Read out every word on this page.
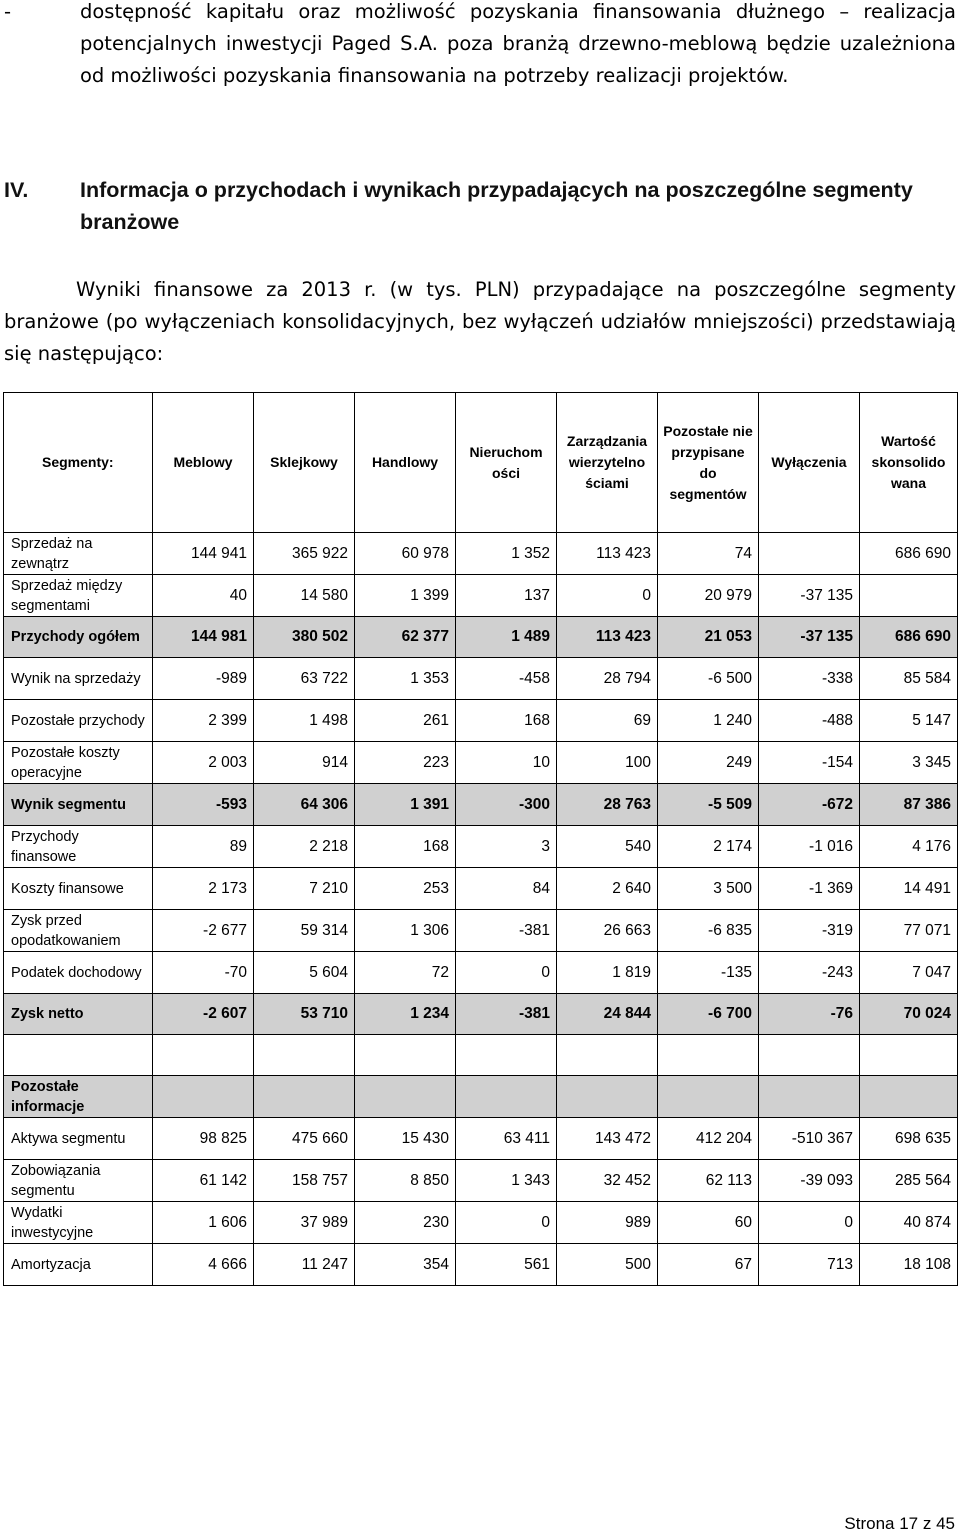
-	dostępność kapitału oraz możliwość pozyskania finansowania dłużnego – realizacja potencjalnych inwestycji Paged S.A. poza branżą drzewno-meblową będzie uzależniona od możliwości pozyskania finansowania na potrzeby realizacji projektów.
IV. Informacja o przychodach i wynikach przypadających na poszczególne segmenty branżowe
Wyniki finansowe za 2013 r. (w tys. PLN) przypadające na poszczególne segmenty branżowe (po wyłączeniach konsolidacyjnych, bez wyłączeń udziałów mniejszości) przedstawiają się następująco:
Segmenty:	Meblowy	Sklejkowy	Handlowy	Nieruchom ości	Zarządzania wierzytelno ściami	Pozostałe nie przypisane do segmentów	Wyłączenia	Wartość skonsolido wana
Sprzedaż na zewnątrz	144 941	365 922	60 978	1 352	113 423	74		686 690
Sprzedaż między segmentami	40	14 580	1 399	137	0	20 979	-37 135	
Przychody ogółem	144 981	380 502	62 377	1 489	113 423	21 053	-37 135	686 690
Wynik na sprzedaży	-989	63 722	1 353	-458	28 794	-6 500	-338	85 584
Pozostałe przychody	2 399	1 498	261	168	69	1 240	-488	5 147
Pozostałe koszty operacyjne	2 003	914	223	10	100	249	-154	3 345
Wynik segmentu	-593	64 306	1 391	-300	28 763	-5 509	-672	87 386
Przychody finansowe	89	2 218	168	3	540	2 174	-1 016	4 176
Koszty finansowe	2 173	7 210	253	84	2 640	3 500	-1 369	14 491
Zysk przed opodatkowaniem	-2 677	59 314	1 306	-381	26 663	-6 835	-319	77 071
Podatek dochodowy	-70	5 604	72	0	1 819	-135	-243	7 047
Zysk netto	-2 607	53 710	1 234	-381	24 844	-6 700	-76	70 024

Pozostałe informacje								
Aktywa segmentu	98 825	475 660	15 430	63 411	143 472	412 204	-510 367	698 635
Zobowiązania segmentu	61 142	158 757	8 850	1 343	32 452	62 113	-39 093	285 564
Wydatki inwestycyjne	1 606	37 989	230	0	989	60	0	40 874
Amortyzacja	4 666	11 247	354	561	500	67	713	18 108
Strona 17 z 45
